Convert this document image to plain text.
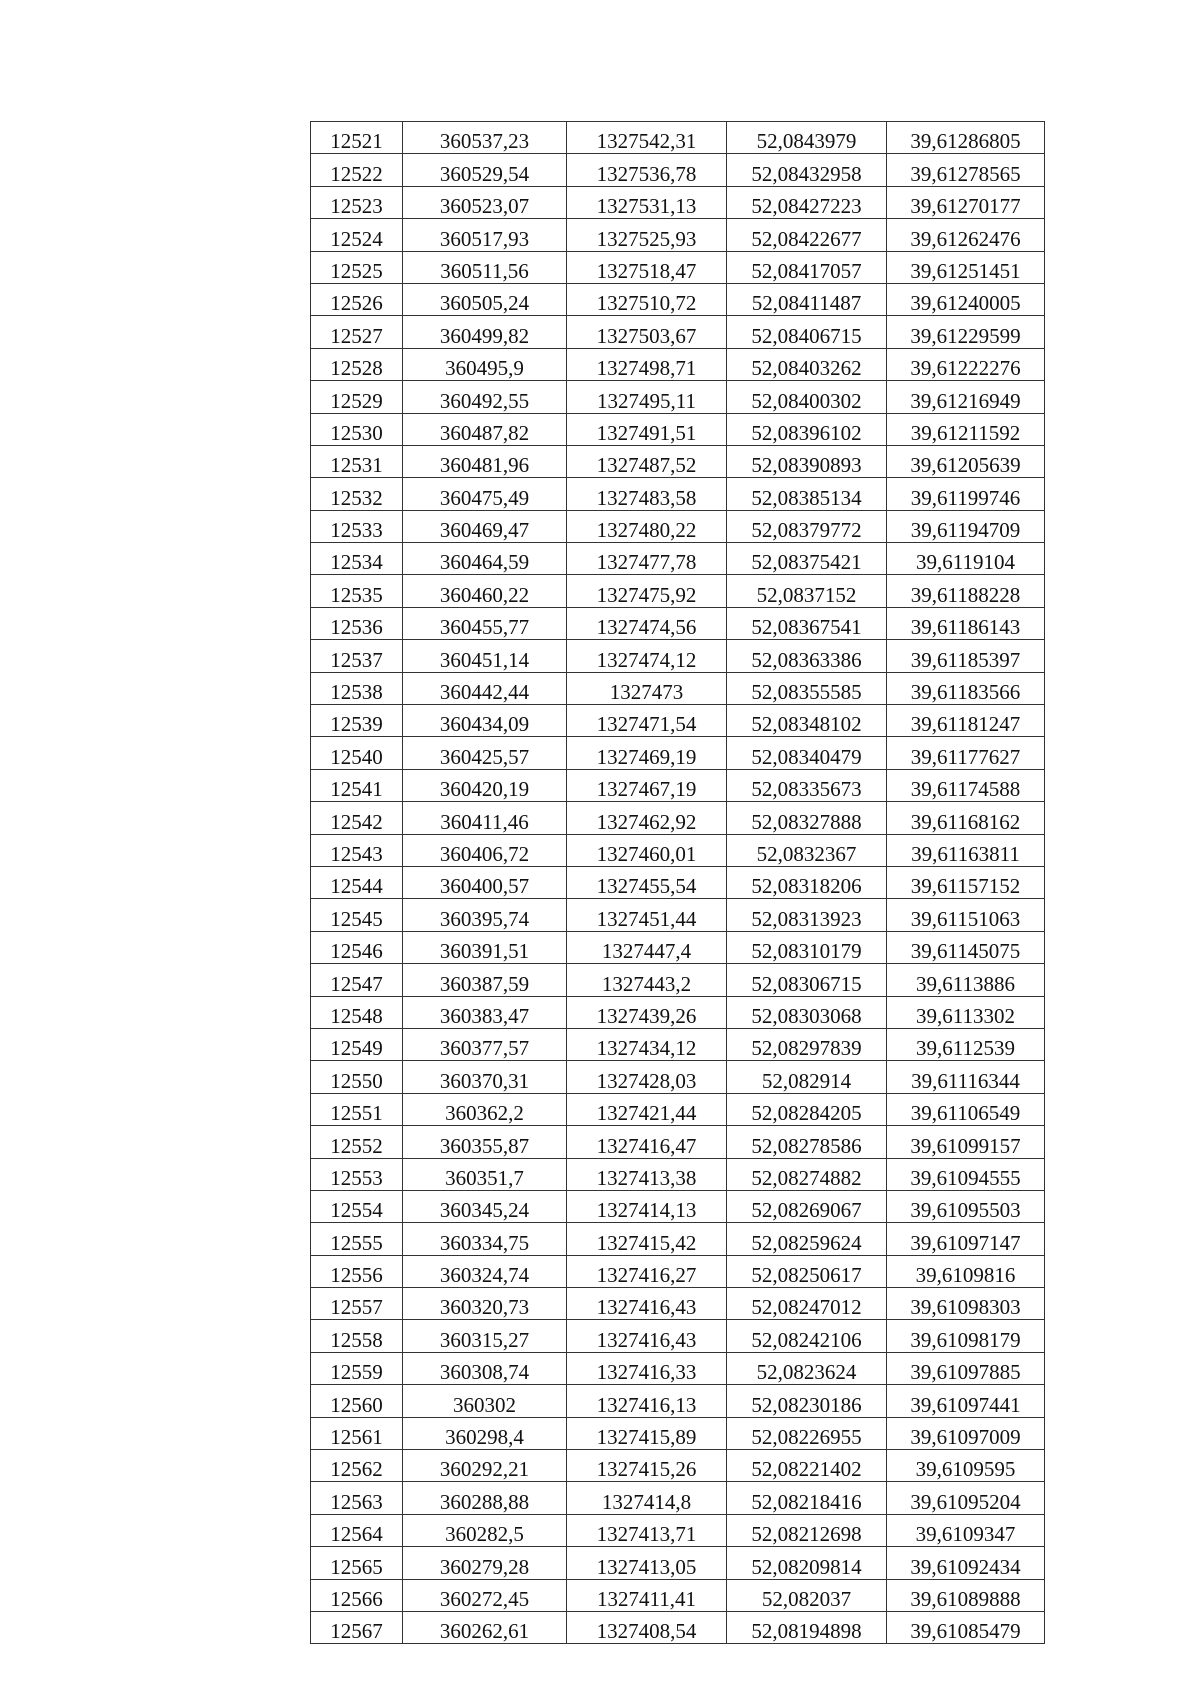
12521	360537,23	1327542,31	52,0843979	39,61286805
12522	360529,54	1327536,78	52,08432958	39,61278565
12523	360523,07	1327531,13	52,08427223	39,61270177
12524	360517,93	1327525,93	52,08422677	39,61262476
12525	360511,56	1327518,47	52,08417057	39,61251451
12526	360505,24	1327510,72	52,08411487	39,61240005
12527	360499,82	1327503,67	52,08406715	39,61229599
12528	360495,9	1327498,71	52,08403262	39,61222276
12529	360492,55	1327495,11	52,08400302	39,61216949
12530	360487,82	1327491,51	52,08396102	39,61211592
12531	360481,96	1327487,52	52,08390893	39,61205639
12532	360475,49	1327483,58	52,08385134	39,61199746
12533	360469,47	1327480,22	52,08379772	39,61194709
12534	360464,59	1327477,78	52,08375421	39,6119104
12535	360460,22	1327475,92	52,0837152	39,61188228
12536	360455,77	1327474,56	52,08367541	39,61186143
12537	360451,14	1327474,12	52,08363386	39,61185397
12538	360442,44	1327473	52,08355585	39,61183566
12539	360434,09	1327471,54	52,08348102	39,61181247
12540	360425,57	1327469,19	52,08340479	39,61177627
12541	360420,19	1327467,19	52,08335673	39,61174588
12542	360411,46	1327462,92	52,08327888	39,61168162
12543	360406,72	1327460,01	52,0832367	39,61163811
12544	360400,57	1327455,54	52,08318206	39,61157152
12545	360395,74	1327451,44	52,08313923	39,61151063
12546	360391,51	1327447,4	52,08310179	39,61145075
12547	360387,59	1327443,2	52,08306715	39,6113886
12548	360383,47	1327439,26	52,08303068	39,6113302
12549	360377,57	1327434,12	52,08297839	39,6112539
12550	360370,31	1327428,03	52,082914	39,61116344
12551	360362,2	1327421,44	52,08284205	39,61106549
12552	360355,87	1327416,47	52,08278586	39,61099157
12553	360351,7	1327413,38	52,08274882	39,61094555
12554	360345,24	1327414,13	52,08269067	39,61095503
12555	360334,75	1327415,42	52,08259624	39,61097147
12556	360324,74	1327416,27	52,08250617	39,6109816
12557	360320,73	1327416,43	52,08247012	39,61098303
12558	360315,27	1327416,43	52,08242106	39,61098179
12559	360308,74	1327416,33	52,0823624	39,61097885
12560	360302	1327416,13	52,08230186	39,61097441
12561	360298,4	1327415,89	52,08226955	39,61097009
12562	360292,21	1327415,26	52,08221402	39,6109595
12563	360288,88	1327414,8	52,08218416	39,61095204
12564	360282,5	1327413,71	52,08212698	39,6109347
12565	360279,28	1327413,05	52,08209814	39,61092434
12566	360272,45	1327411,41	52,082037	39,61089888
12567	360262,61	1327408,54	52,08194898	39,61085479
